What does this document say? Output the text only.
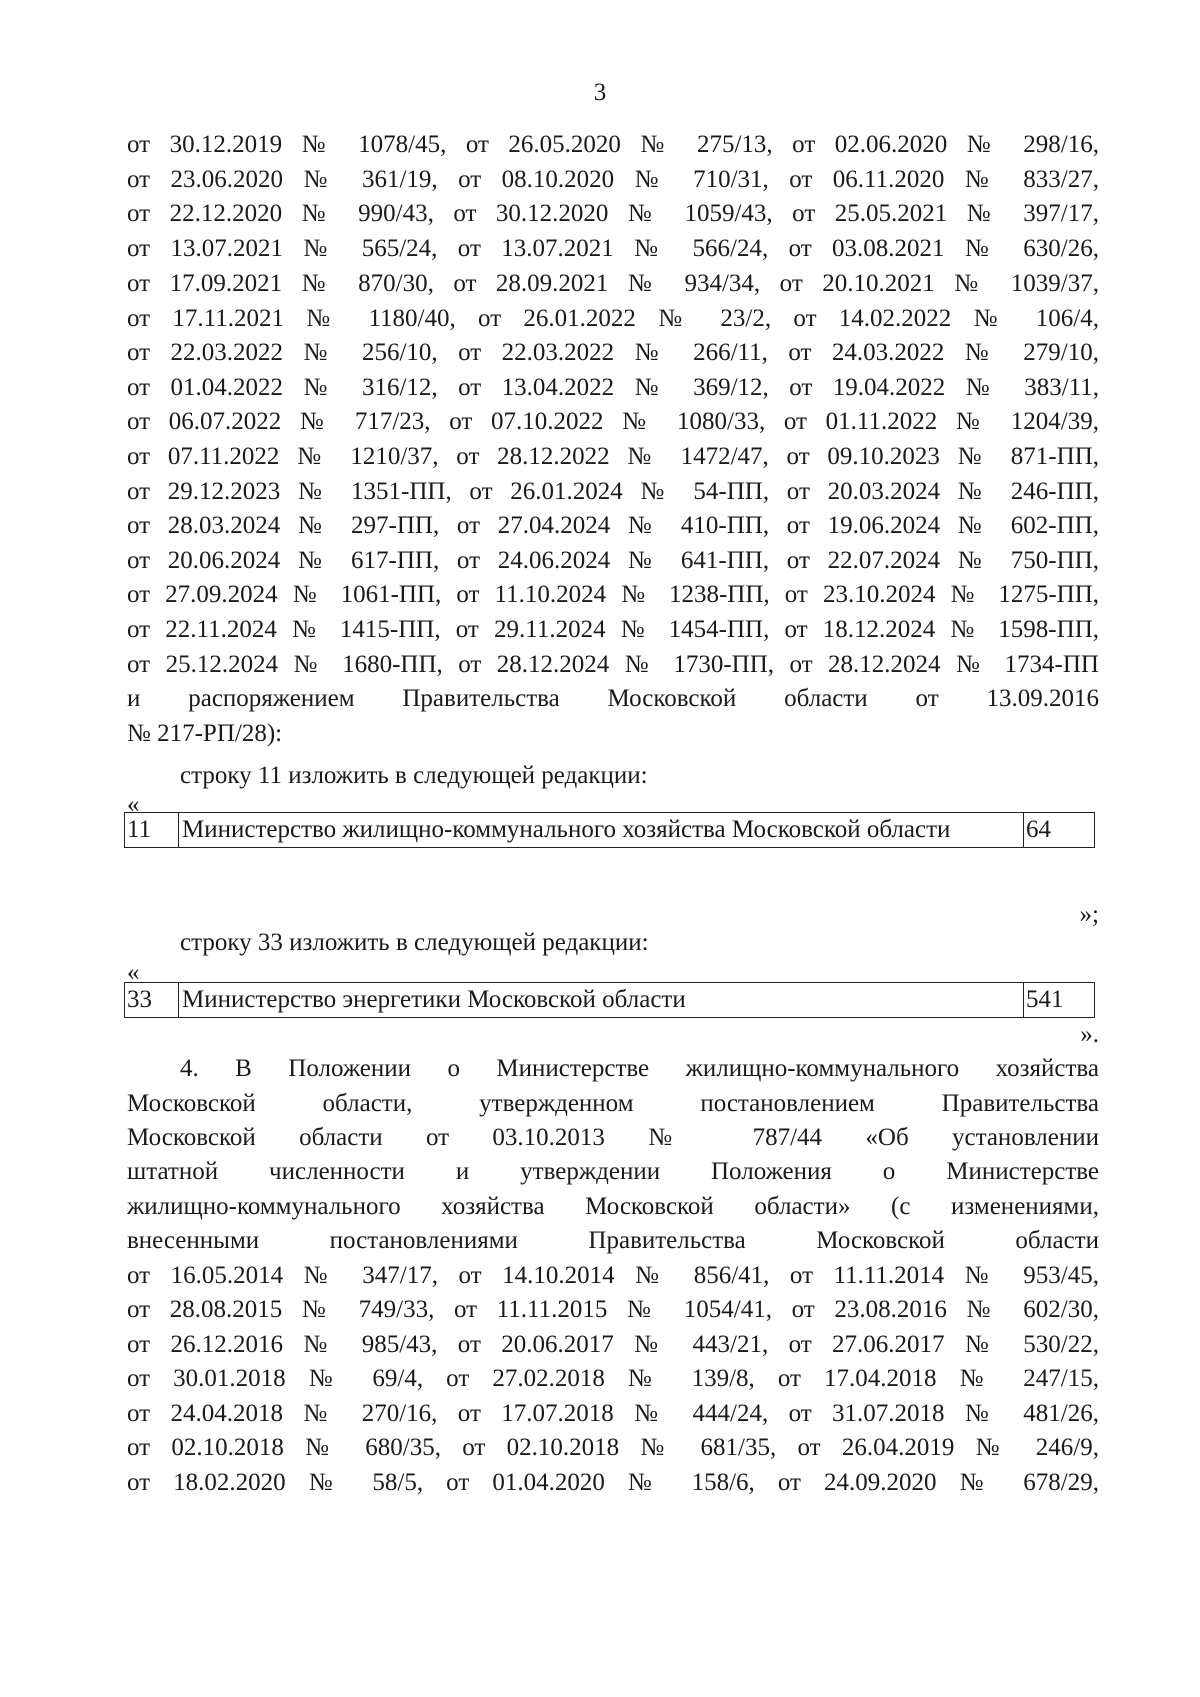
3
от 30.12.2019 № 1078/45, от 26.05.2020 № 275/13, от 02.06.2020 № 298/16,
от 23.06.2020 № 361/19, от 08.10.2020 № 710/31, от 06.11.2020 № 833/27,
от 22.12.2020 № 990/43, от 30.12.2020 № 1059/43, от 25.05.2021 № 397/17,
от 13.07.2021 № 565/24, от 13.07.2021 № 566/24, от 03.08.2021 № 630/26,
от 17.09.2021 № 870/30, от 28.09.2021 № 934/34, от 20.10.2021 № 1039/37,
от 17.11.2021 № 1180/40, от 26.01.2022 № 23/2, от 14.02.2022 № 106/4,
от 22.03.2022 № 256/10, от 22.03.2022 № 266/11, от 24.03.2022 № 279/10,
от 01.04.2022 № 316/12, от 13.04.2022 № 369/12, от 19.04.2022 № 383/11,
от 06.07.2022 № 717/23, от 07.10.2022 № 1080/33, от 01.11.2022 № 1204/39,
от 07.11.2022 № 1210/37, от 28.12.2022 № 1472/47, от 09.10.2023 № 871-ПП,
от 29.12.2023 № 1351-ПП, от 26.01.2024 № 54-ПП, от 20.03.2024 № 246-ПП,
от 28.03.2024 № 297-ПП, от 27.04.2024 № 410-ПП, от 19.06.2024 № 602-ПП,
от 20.06.2024 № 617-ПП, от 24.06.2024 № 641-ПП, от 22.07.2024 № 750-ПП,
от 27.09.2024 № 1061-ПП, от 11.10.2024 № 1238-ПП, от 23.10.2024 № 1275-ПП,
от 22.11.2024 № 1415-ПП, от 29.11.2024 № 1454-ПП, от 18.12.2024 № 1598-ПП,
от 25.12.2024 № 1680-ПП, от 28.12.2024 № 1730-ПП, от 28.12.2024 № 1734-ПП
и распоряжением Правительства Московской области от 13.09.2016
№ 217-РП/28):
строку 11 изложить в следующей редакции:
«
11	Министерство жилищно-коммунального хозяйства Московской области	64
»;
строку 33 изложить в следующей редакции:
«
33	Министерство энергетики Московской области	541
».
4. В Положении о Министерстве жилищно-коммунального хозяйства
Московской области, утвержденном постановлением Правительства
Московской области от 03.10.2013 № 787/44 «Об установлении
штатной численности и утверждении Положения о Министерстве
жилищно-коммунального хозяйства Московской области» (с изменениями,
внесенными постановлениями Правительства Московской области
от 16.05.2014 № 347/17, от 14.10.2014 № 856/41, от 11.11.2014 № 953/45,
от 28.08.2015 № 749/33, от 11.11.2015 № 1054/41, от 23.08.2016 № 602/30,
от 26.12.2016 № 985/43, от 20.06.2017 № 443/21, от 27.06.2017 № 530/22,
от 30.01.2018 № 69/4, от 27.02.2018 № 139/8, от 17.04.2018 № 247/15,
от 24.04.2018 № 270/16, от 17.07.2018 № 444/24, от 31.07.2018 № 481/26,
от 02.10.2018 № 680/35, от 02.10.2018 № 681/35, от 26.04.2019 № 246/9,
от 18.02.2020 № 58/5, от 01.04.2020 № 158/6, от 24.09.2020 № 678/29,
